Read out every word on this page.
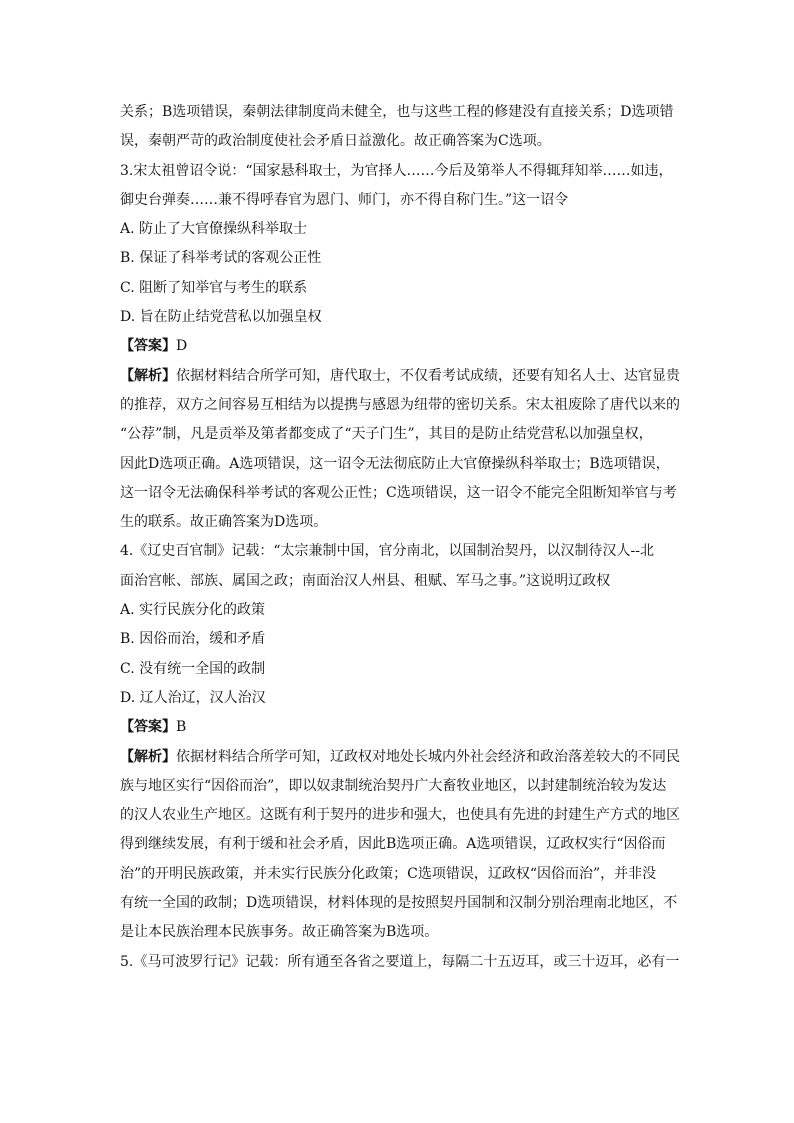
关系；B选项错误，秦朝法律制度尚未健全，也与这些工程的修建没有直接关系；D选项错
误，秦朝严苛的政治制度使社会矛盾日益激化。故正确答案为C选项。
3.宋太祖曾诏令说：“国家悬科取士，为官择人……今后及第举人不得辄拜知举……如违，
御史台弹奏……兼不得呼春官为恩门、师门，亦不得自称门生。”这一诏令
A. 防止了大官僚操纵科举取士
B. 保证了科举考试的客观公正性
C. 阻断了知举官与考生的联系
D. 旨在防止结党营私以加强皇权
【答案】D
【解析】依据材料结合所学可知，唐代取士，不仅看考试成绩，还要有知名人士、达官显贵
的推荐，双方之间容易互相结为以提携与感恩为纽带的密切关系。宋太祖废除了唐代以来的
“公荐”制，凡是贡举及第者都变成了“天子门生”，其目的是防止结党营私以加强皇权，
因此D选项正确。A选项错误，这一诏令无法彻底防止大官僚操纵科举取士；B选项错误，
这一诏令无法确保科举考试的客观公正性；C选项错误，这一诏令不能完全阻断知举官与考
生的联系。故正确答案为D选项。
4.《辽史百官制》记载：“太宗兼制中国，官分南北，以国制治契丹，以汉制待汉人--北
面治宫帐、部族、属国之政；南面治汉人州县、租赋、军马之事。”这说明辽政权
A. 实行民族分化的政策
B. 因俗而治，缓和矛盾
C. 没有统一全国的政制
D. 辽人治辽，汉人治汉
【答案】B
【解析】依据材料结合所学可知，辽政权对地处长城内外社会经济和政治落差较大的不同民
族与地区实行“因俗而治”，即以奴隶制统治契丹广大畜牧业地区，以封建制统治较为发达
的汉人农业生产地区。这既有利于契丹的进步和强大，也使具有先进的封建生产方式的地区
得到继续发展，有利于缓和社会矛盾，因此B选项正确。A选项错误，辽政权实行“因俗而
治”的开明民族政策，并未实行民族分化政策；C选项错误，辽政权“因俗而治”，并非没
有统一全国的政制；D选项错误，材料体现的是按照契丹国制和汉制分别治理南北地区，不
是让本民族治理本民族事务。故正确答案为B选项。
5.《马可波罗行记》记载：所有通至各省之要道上，每隔二十五迈耳，或三十迈耳，必有一
